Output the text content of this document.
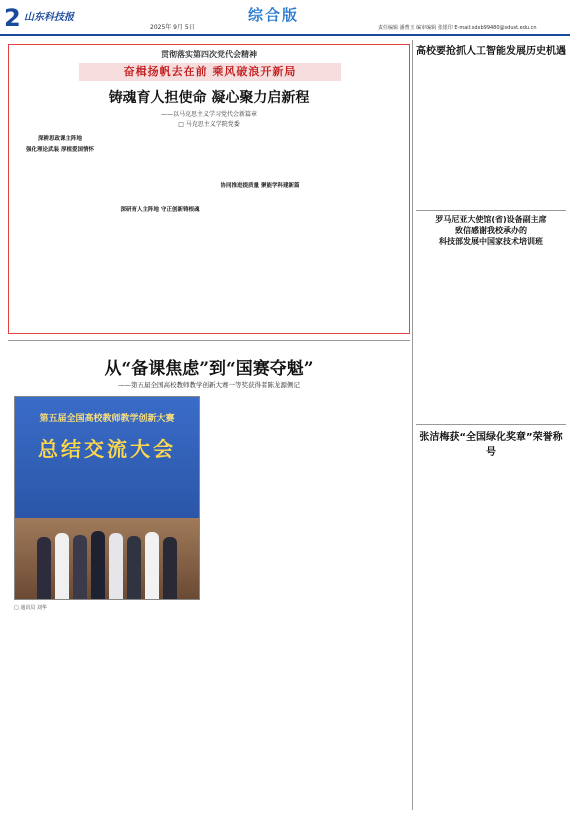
2 山东科技报
2025年 9月 5日
综合版
责任编辑 潘曹玉 编审编辑 张银印 E-mail:sdxb99480@sdust.edu.cn
贯彻落实第四次党代会精神
奋楫扬帆去在前 乘风破浪开新局
铸魂育人担使命 凝心聚力启新程
——以马克思主义学习党代会新篇章
□ 马克思主义学院党委
深耕思政课主阵地
强化理论武装 厚植爱国情怀
深研育人主阵地 守正创新铸根魂
协同推进提质量 聚能学科建新篇
高校要抢抓人工智能发展历史机遇
罗马尼亚大使馆(省)设备副主席
致信感谢我校承办的
科技部发展中国家技术培训班
张洁梅获“全国绿化奖章”荣誉称号
从“备课焦虑”到“国赛夺魁”
——第五届全国高校教师教学创新大赛一等奖获得者陈龙源侧记
第五届全国高校教师教学创新大赛
总结交流大会
□ 通讯员 刘华
